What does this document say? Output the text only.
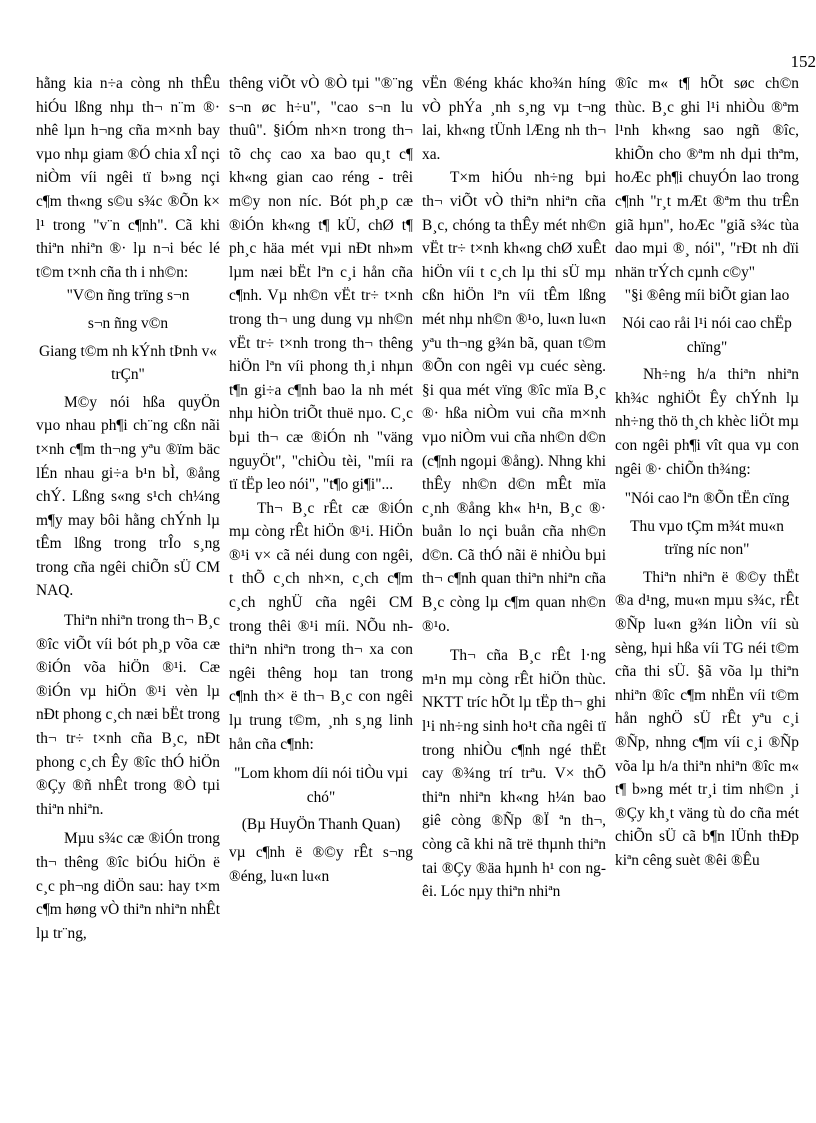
152

hằng kia n÷a còng nh thÊu hiÓu lßng nhµ th¬ n¨m ®· nhê lµn h¬ng cña m×nh bay vµo nhµ giam ®Ó chia xÎ nçi niÒm víi ngêi tï b»ng nçi c¶m th«ng s©u s¾c ®Õn k× l¹ trong "v¨n c¶nh". Cã khi thiªn nhiªn ®· lµ n¬i béc lé t©m t×nh cña th i nh©n:

"V©n ñng trïng s¬n

s¬n ñng v©n

Giang t©m nh kÝnh tÞnh v« trÇn"

M©y nói hßa quyÖn vµo nhau ph¶i ch¨ng cßn nãi t×nh c¶m th¬ng yªu ®ïm bäc lÉn nhau gi÷a b¹n bÌ, ®ång chÝ. Lßng s«ng s¹ch ch¼ng m¶y may bôi hằng chÝnh lµ tÊm lßng trong trÎo s¸ng trong cña ngêi chiÕn sÜ CM NAQ.

Thiªn nhiªn trong th¬ B¸c ®îc viÕt víi bót ph¸p võa cæ ®iÓn võa hiÖn ®¹i. Cæ ®iÓn vµ hiÖn ®¹i vèn lµ nÐt phong c¸ch næi bËt trong th¬ tr÷ t×nh cña B¸c, nÐt phong c¸ch Êy ®îc thÓ hiÖn ®Çy ®ñ nhÊt trong ®Ò tµi thiªn nhiªn.

Mµu s¾c cæ ®iÓn trong th¬ thêng ®îc biÓu hiÖn ë c¸c ph¬ng diÖn sau: hay t×m c¶m høng vÒ thiªn nhiªn nhÊt lµ tr¨ng,

thêng viÕt vÒ ®Ò tµi "®¨ng s¬n øc h÷u", "cao s¬n lu thuû". §iÓm nh×n trong th¬ tõ chç cao xa bao qu¸t c¶ kh«ng gian cao réng - trêi m©y non níc. Bót ph¸p cæ ®iÓn kh«ng t¶ kÜ, chØ t¶ ph¸c häa mét vµi nÐt nh»m lµm næi bËt lªn c¸i hån cña c¶nh. Vµ nh©n vËt tr÷ t×nh trong th¬ ung dung vµ nh©n vËt tr÷ t×nh trong th¬ thêng hiÖn lªn víi phong th¸i nhµn t¶n gi÷a c¶nh bao la nh mét nhµ hiÒn triÕt thuë nµo. C¸c bµi th¬ cæ ®iÓn nh "väng nguyÖt", "chiÒu tèi, "míi ra tï tËp leo nói", "t¶o gi¶i"...

Th¬ B¸c rÊt cæ ®iÓn mµ còng rÊt hiÖn ®¹i. HiÖn ®¹i v× cã néi dung con ngêi, t thÕ c¸ch nh×n, c¸ch c¶m c¸ch nghÜ cña ngêi CM trong thêi ®¹i míi. NÕu nh thiªn nhiªn trong th¬ xa con ngêi thêng hoµ tan trong c¶nh th× ë th¬ B¸c con ngêi lµ trung t©m, ¸nh s¸ng linh hån cña c¶nh:

"Lom khom díi nói tiÒu vµi chó"

(Bµ HuyÖn Thanh Quan)

vµ c¶nh ë ®©y rÊt s¬ng ®éng, lu«n lu«n

vËn ®éng khác kho¾n híng vÒ phÝa ¸nh s¸ng vµ t¬ng lai, kh«ng tÜnh lÆng nh th¬ xa.

T×m hiÓu nh÷ng bµi th¬ viÕt vÒ thiªn nhiªn cña B¸c, chóng ta thÊy mét nh©n vËt tr÷ t×nh kh«ng chØ xuÊt hiÖn víi t c¸ch lµ thi sÜ mµ cßn hiÖn lªn víi tÊm lßng mét nhµ nh©n ®¹o, lu«n lu«n yªu th¬ng g¾n bã, quan t©m ®Õn con ngêi vµ cuéc sèng. §i qua mét vïng ®îc mïa B¸c ®· hßa niÒm vui cña m×nh vµo niÒm vui cña nh©n d©n (c¶nh ngoµi ®ång). Nhng khi thÊy nh©n d©n mÊt mïa c¸nh ®ång kh« h¹n, B¸c ®· buån lo nçi buån cña nh©n d©n. Cã thÓ nãi ë nhiÒu bµi th¬ c¶nh quan thiªn nhiªn cña B¸c còng lµ c¶m quan nh©n ®¹o.

Th¬ cña B¸c rÊt l·ng m¹n mµ còng rÊt hiÖn thùc. NKTT tríc hÕt lµ tËp th¬ ghi l¹i nh÷ng sinh ho¹t cña ngêi tï trong nhiÒu c¶nh ngé thËt cay ®¾ng trí trªu. V× thÕ thiªn nhiªn kh«ng h¼n bao giê còng ®Ñp ®Ï ªn th¬, còng cã khi nã trë thµnh thiªn tai ®Çy ®äa hµnh h¹ con ngêi. Lóc nµy thiªn nhiªn

®îc m« t¶ hÕt søc ch©n thùc. B¸c ghi l¹i nhiÒu ®ªm l¹nh kh«ng sao ngñ ®îc, khiÕn cho ®ªm nh dµi thªm, hoÆc ph¶i chuyÓn lao trong c¶nh "r¸t mÆt ®ªm thu trÊn giã hµn", hoÆc "giã s¾c tùa dao mµi ®¸ nói", "rÐt nh dïi nhän trÝch cµnh c©y"

"§i ®êng míi biÕt gian lao

Nói cao råi l¹i nói cao chËp chïng"

Nh÷ng h/a thiªn nhiªn kh¾c nghiÖt Êy chÝnh lµ nh÷ng thö th¸ch khèc liÖt mµ con ngêi ph¶i vît qua vµ con ngêi ®· chiÕn th¾ng:

"Nói cao lªn ®Õn tËn cïng

Thu vµo tÇm m¾t mu«n trïng níc non"

Thiªn nhiªn ë ®©y thËt ®a d¹ng, mu«n mµu s¾c, rÊt ®Ñp lu«n g¾n liÒn víi sù sèng, hµi hßa víi TG néi t©m cña thi sÜ. §ã võa lµ thiªn nhiªn ®îc c¶m nhËn víi t©m hån nghÖ sÜ rÊt yªu c¸i ®Ñp, nhng c¶m víi c¸i ®Ñp võa lµ h/a thiªn nhiªn ®îc m« t¶ b»ng mét tr¸i tim nh©n ¸i ®Çy kh¸t väng tù do cña mét chiÕn sÜ cã b¶n lÜnh thÐp kiªn cêng suèt ®êi ®Êu
